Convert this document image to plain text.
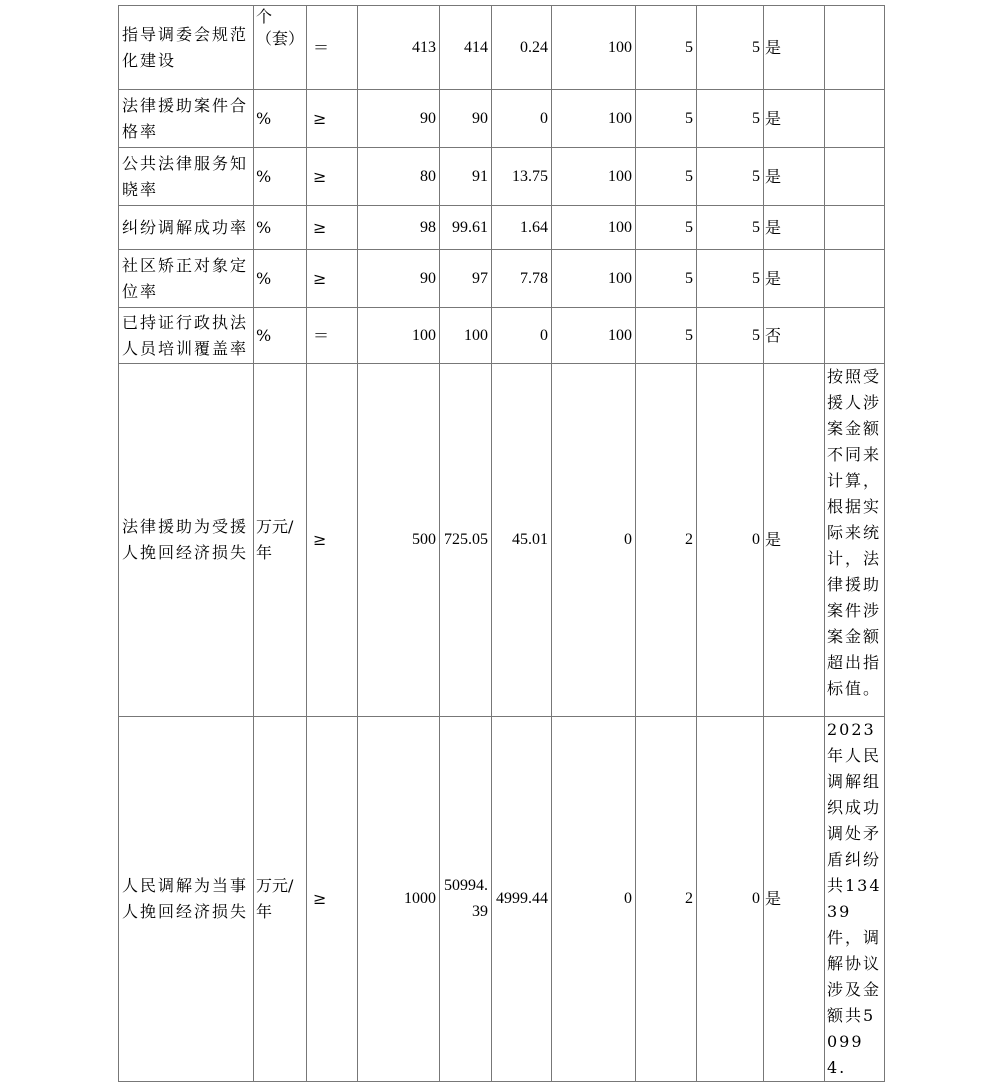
指导调委会规范化建设	个（套）	＝	413	414	0.24	100	5	5	是	
法律援助案件合格率	%	≥	90	90	0	100	5	5	是	
公共法律服务知晓率	%	≥	80	91	13.75	100	5	5	是	
纠纷调解成功率	%	≥	98	99.61	1.64	100	5	5	是	
社区矫正对象定位率	%	≥	90	97	7.78	100	5	5	是	
已持证行政执法人员培训覆盖率	%	＝	100	100	0	100	5	5	否	
法律援助为受援人挽回经济损失	万元/年	≥	500	725.05	45.01	0	2	0	是	按照受援人涉案金额不同来计算，根据实际来统计，法律援助案件涉案金额超出指标值。
人民调解为当事人挽回经济损失	万元/年	≥	1000	50994.39	4999.44	0	2	0	是	2023年人民调解组织成功调处矛盾纠纷共13439件，调解协议涉及金额共50994.
